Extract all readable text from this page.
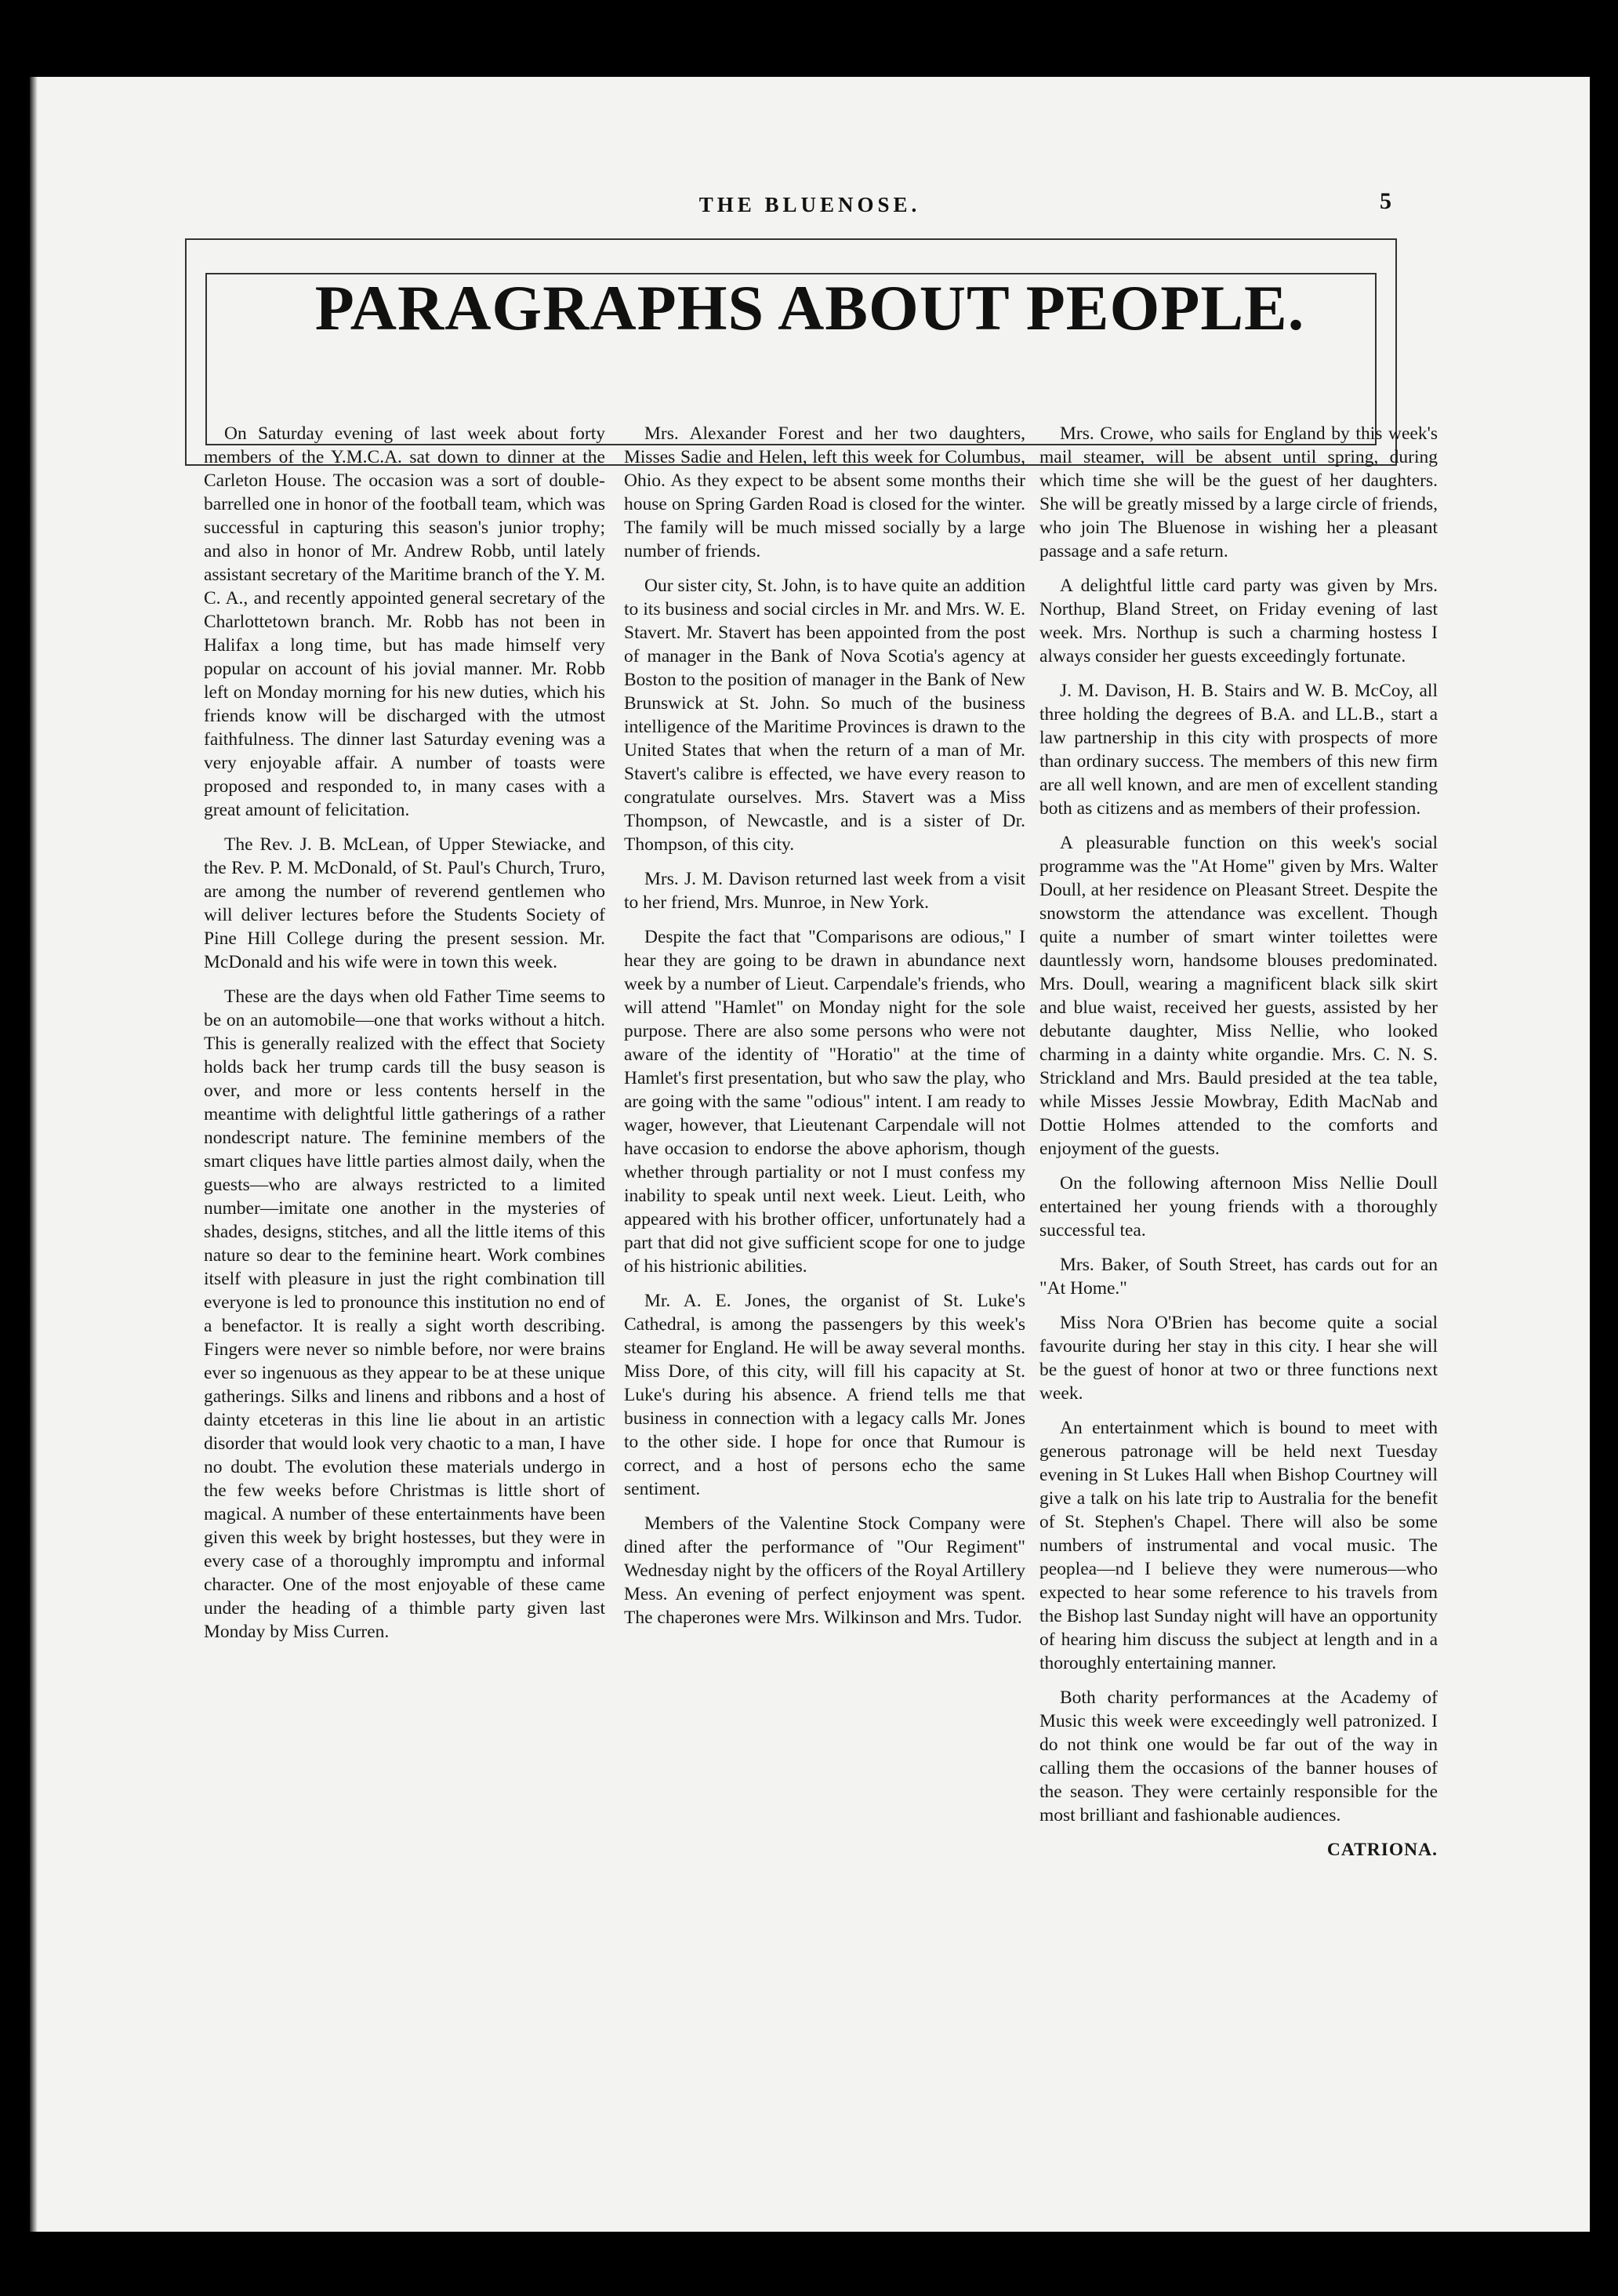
THE BLUENOSE.	5
PARAGRAPHS ABOUT PEOPLE.

On Saturday evening of last week about forty members of the Y.M.C.A. sat down to dinner at the Carleton House. The occasion was a sort of double-barrelled one in honor of the football team, which was successful in capturing this season's junior trophy; and also in honor of Mr. Andrew Robb, until lately assistant secretary of the Maritime branch of the Y. M. C. A., and recently appointed general secretary of the Charlottetown branch. Mr. Robb has not been in Halifax a long time, but has made himself very popular on account of his jovial manner. Mr. Robb left on Monday morning for his new duties, which his friends know will be discharged with the utmost faithfulness. The dinner last Saturday evening was a very enjoyable affair. A number of toasts were proposed and responded to, in many cases with a great amount of felicitation.

The Rev. J. B. McLean, of Upper Stewiacke, and the Rev. P. M. McDonald, of St. Paul's Church, Truro, are among the number of reverend gentlemen who will deliver lectures before the Students Society of Pine Hill College during the present session. Mr. McDonald and his wife were in town this week.

These are the days when old Father Time seems to be on an automobile—one that works without a hitch. This is generally realized with the effect that Society holds back her trump cards till the busy season is over, and more or less contents herself in the meantime with delightful little gatherings of a rather nondescript nature. The feminine members of the smart cliques have little parties almost daily, when the guests—who are always restricted to a limited number—imitate one another in the mysteries of shades, designs, stitches, and all the little items of this nature so dear to the feminine heart. Work combines itself with pleasure in just the right combination till everyone is led to pronounce this institution no end of a benefactor. It is really a sight worth describing. Fingers were never so nimble before, nor were brains ever so ingenuous as they appear to be at these unique gatherings. Silks and linens and ribbons and a host of dainty etceteras in this line lie about in an artistic disorder that would look very chaotic to a man, I have no doubt. The evolution these materials undergo in the few weeks before Christmas is little short of magical. A number of these entertainments have been given this week by bright hostesses, but they were in every case of a thoroughly impromptu and informal character. One of the most enjoyable of these came under the heading of a thimble party given last Monday by Miss Curren.

Mrs. Alexander Forest and her two daughters, Misses Sadie and Helen, left this week for Columbus, Ohio. As they expect to be absent some months their house on Spring Garden Road is closed for the winter. The family will be much missed socially by a large number of friends.

Our sister city, St. John, is to have quite an addition to its business and social circles in Mr. and Mrs. W. E. Stavert. Mr. Stavert has been appointed from the post of manager in the Bank of Nova Scotia's agency at Boston to the position of manager in the Bank of New Brunswick at St. John. So much of the business intelligence of the Maritime Provinces is drawn to the United States that when the return of a man of Mr. Stavert's calibre is effected, we have every reason to congratulate ourselves. Mrs. Stavert was a Miss Thompson, of Newcastle, and is a sister of Dr. Thompson, of this city.

Mrs. J. M. Davison returned last week from a visit to her friend, Mrs. Munroe, in New York.

Despite the fact that "Comparisons are odious," I hear they are going to be drawn in abundance next week by a number of Lieut. Carpendale's friends, who will attend "Hamlet" on Monday night for the sole purpose. There are also some persons who were not aware of the identity of "Horatio" at the time of Hamlet's first presentation, but who saw the play, who are going with the same "odious" intent. I am ready to wager, however, that Lieutenant Carpendale will not have occasion to endorse the above aphorism, though whether through partiality or not I must confess my inability to speak until next week. Lieut. Leith, who appeared with his brother officer, unfortunately had a part that did not give sufficient scope for one to judge of his histrionic abilities.

Mr. A. E. Jones, the organist of St. Luke's Cathedral, is among the passengers by this week's steamer for England. He will be away several months. Miss Dore, of this city, will fill his capacity at St. Luke's during his absence. A friend tells me that business in connection with a legacy calls Mr. Jones to the other side. I hope for once that Rumour is correct, and a host of persons echo the same sentiment.

Members of the Valentine Stock Company were dined after the performance of "Our Regiment" Wednesday night by the officers of the Royal Artillery Mess. An evening of perfect enjoyment was spent. The chaperones were Mrs. Wilkinson and Mrs. Tudor.

Mrs. Crowe, who sails for England by this week's mail steamer, will be absent until spring, during which time she will be the guest of her daughters. She will be greatly missed by a large circle of friends, who join The Bluenose in wishing her a pleasant passage and a safe return.

A delightful little card party was given by Mrs. Northup, Bland Street, on Friday evening of last week. Mrs. Northup is such a charming hostess I always consider her guests exceedingly fortunate.

J. M. Davison, H. B. Stairs and W. B. McCoy, all three holding the degrees of B.A. and LL.B., start a law partnership in this city with prospects of more than ordinary success. The members of this new firm are all well known, and are men of excellent standing both as citizens and as members of their profession.

A pleasurable function on this week's social programme was the "At Home" given by Mrs. Walter Doull, at her residence on Pleasant Street. Despite the snowstorm the attendance was excellent. Though quite a number of smart winter toilettes were dauntlessly worn, handsome blouses predominated. Mrs. Doull, wearing a magnificent black silk skirt and blue waist, received her guests, assisted by her debutante daughter, Miss Nellie, who looked charming in a dainty white organdie. Mrs. C. N. S. Strickland and Mrs. Bauld presided at the tea table, while Misses Jessie Mowbray, Edith MacNab and Dottie Holmes attended to the comforts and enjoyment of the guests.

On the following afternoon Miss Nellie Doull entertained her young friends with a thoroughly successful tea.

Mrs. Baker, of South Street, has cards out for an "At Home."

Miss Nora O'Brien has become quite a social favourite during her stay in this city. I hear she will be the guest of honor at two or three functions next week.

An entertainment which is bound to meet with generous patronage will be held next Tuesday evening in St Lukes Hall when Bishop Courtney will give a talk on his late trip to Australia for the benefit of St. Stephen's Chapel. There will also be some numbers of instrumental and vocal music. The peoplea—nd I believe they were numerous—who expected to hear some reference to his travels from the Bishop last Sunday night will have an opportunity of hearing him discuss the subject at length and in a thoroughly entertaining manner.

Both charity performances at the Academy of Music this week were exceedingly well patronized. I do not think one would be far out of the way in calling them the occasions of the banner houses of the season. They were certainly responsible for the most brilliant and fashionable audiences.

CATRIONA.
